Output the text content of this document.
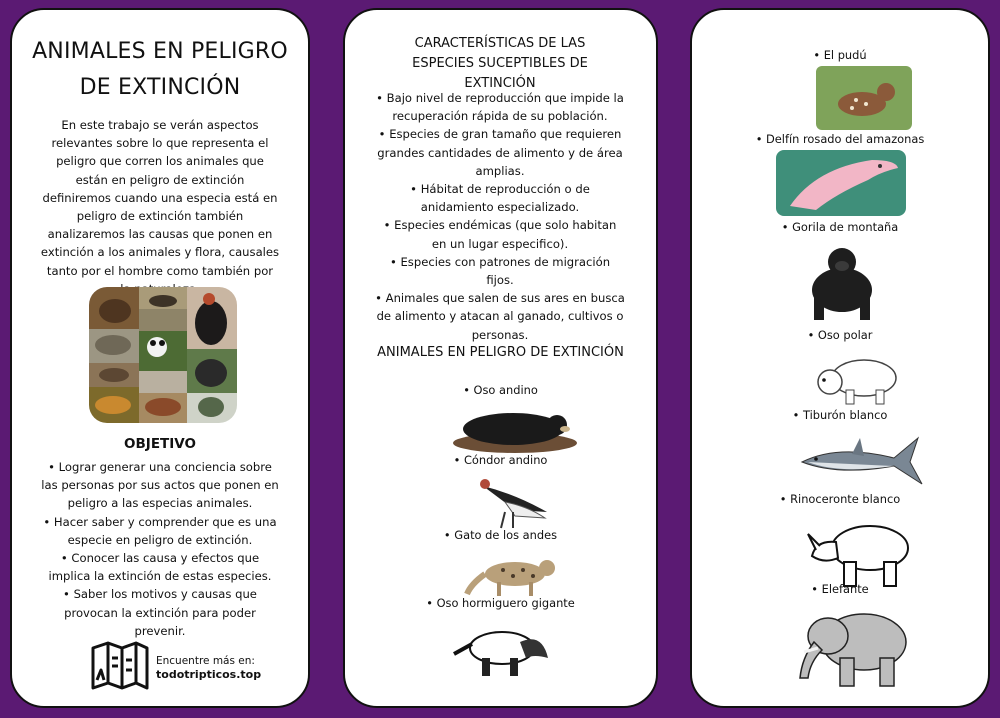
ANIMALES EN PELIGRO
DE EXTINCIÓN

En este trabajo se verán aspectos relevantes sobre lo que representa el peligro que corren los animales que están en peligro de extinción definiremos cuando una especia está en peligro de extinción también analizaremos las causas que ponen en extinción a los animales y flora, causales tanto por el hombre como también por

OBJETIVO
• Lograr generar una conciencia sobre las personas por sus actos que ponen en peligro a las especias animales.
• Hacer saber y comprender que es una especie en peligro de extinción.
• Conocer las causa y efectos que implica la extinción de estas especies.
• Saber los motivos y causas que provocan la extinción para poder prevenir.
Encuentre más en:
todotripticos.top
CARACTERÍSTICAS DE LAS ESPECIES SUCEPTIBLES DE EXTINCIÓN
• Bajo nivel de reproducción que impide la recuperación rápida de su población.
• Especies de gran tamaño que requieren grandes cantidades de alimento y de área amplias.
• Hábitat de reproducción o de anidamiento especializado.
• Especies endémicas (que solo habitan en un lugar especifico).
• Especies con patrones de migración fijos.
• Animales que salen de sus ares en busca de alimento y atacan al ganado, cultivos o personas.
ANIMALES EN PELIGRO DE EXTINCIÓN
• Oso andino
• Cóndor andino
• Gato de los andes
• Oso hormiguero gigante
• El pudú
• Delfín rosado del amazonas
• Gorila de montaña
• Oso polar
• Tiburón blanco
• Rinoceronte blanco
• Elefante
